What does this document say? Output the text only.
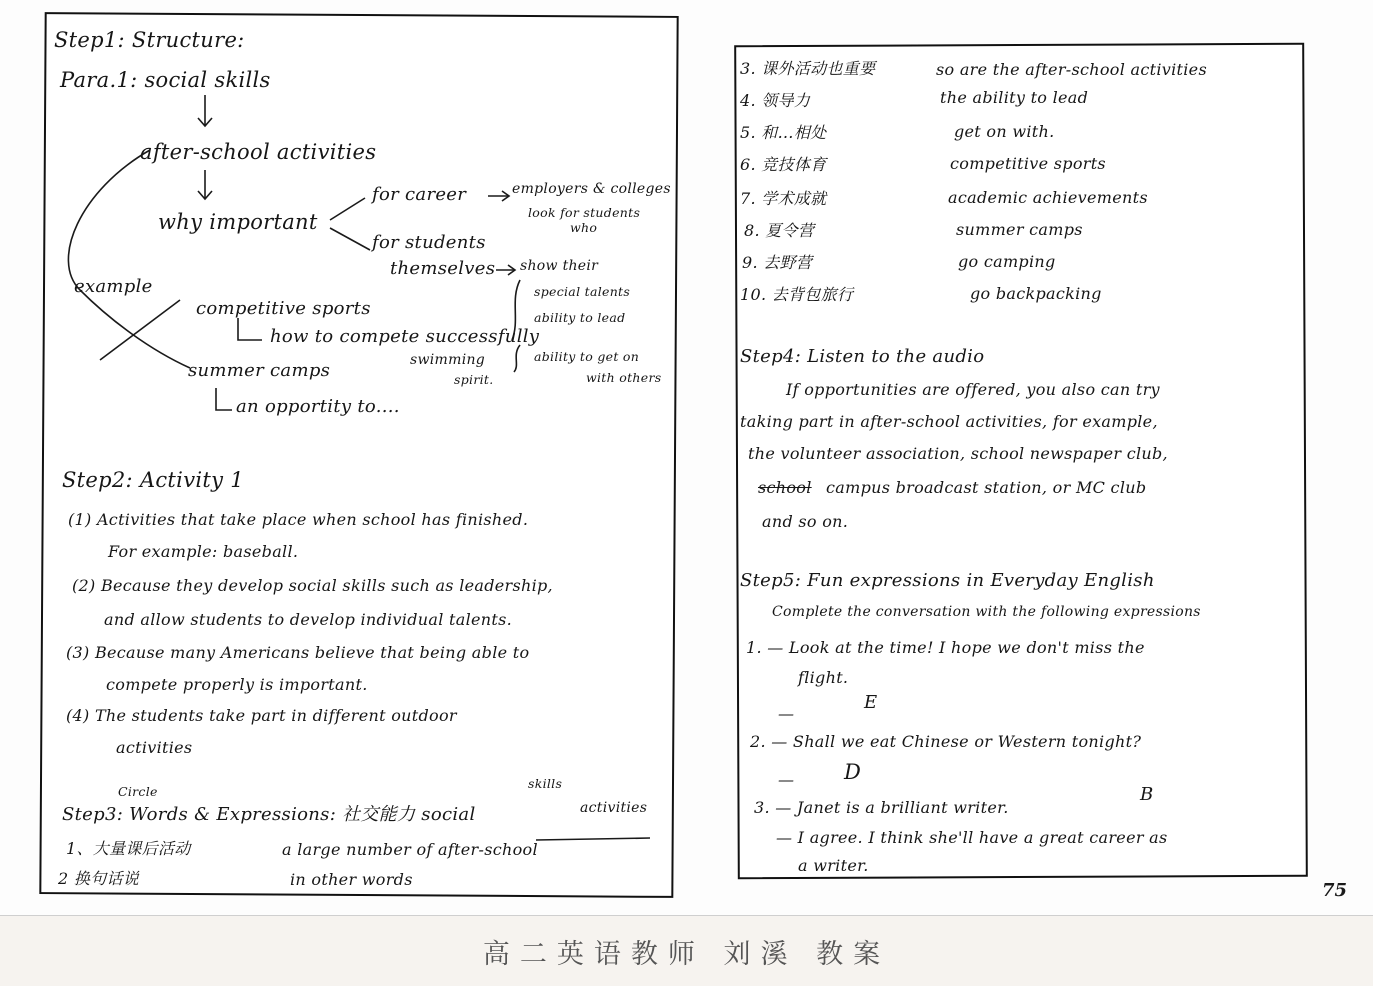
Step1: Structure:
Para.1: social skills
after-school activities
why important
for career	employers & colleges
look for students
who
for students
themselves show their
special talents
ability to lead
ability to get on
with others
example
competitive sports
how to compete successfully
swimming
spirit.
summer camps
an opportity to....
Step2: Activity 1
(1) Activities that take place when school has finished.
For example: baseball.
(2) Because they develop social skills such as leadership,
and allow students to develop individual talents.
(3) Because many Americans believe that being able to
compete properly is important.
(4) The students take part in different outdoor
activities
Circle
Step3: Words & Expressions: 社交能力 social
skills
activities
1、大量课后活动	a large number of after-school
2 换句话说	in other words
3. 课外活动也重要	so are the after-school activities
4. 领导力	the ability to lead
5. 和…相处	get on with.
6. 竞技体育	competitive sports
7. 学术成就	academic achievements
8. 夏令营	summer camps
9. 去野营	go camping
10. 去背包旅行	go backpacking
Step4: Listen to the audio
If opportunities are offered, you also can try
taking part in after-school activities, for example,
the volunteer association, school newspaper club,
school campus broadcast station, or MC club
and so on.
Step5: Fun expressions in Everyday English
Complete the conversation with the following expressions
1. — Look at the time! I hope we don't miss the
flight.
E
—
2. — Shall we eat Chinese or Western tonight?
— D
3. — Janet is a brilliant writer.
B
— I agree. I think she'll have a great career as
a writer.
75
高二英语教师 刘溪 教案
